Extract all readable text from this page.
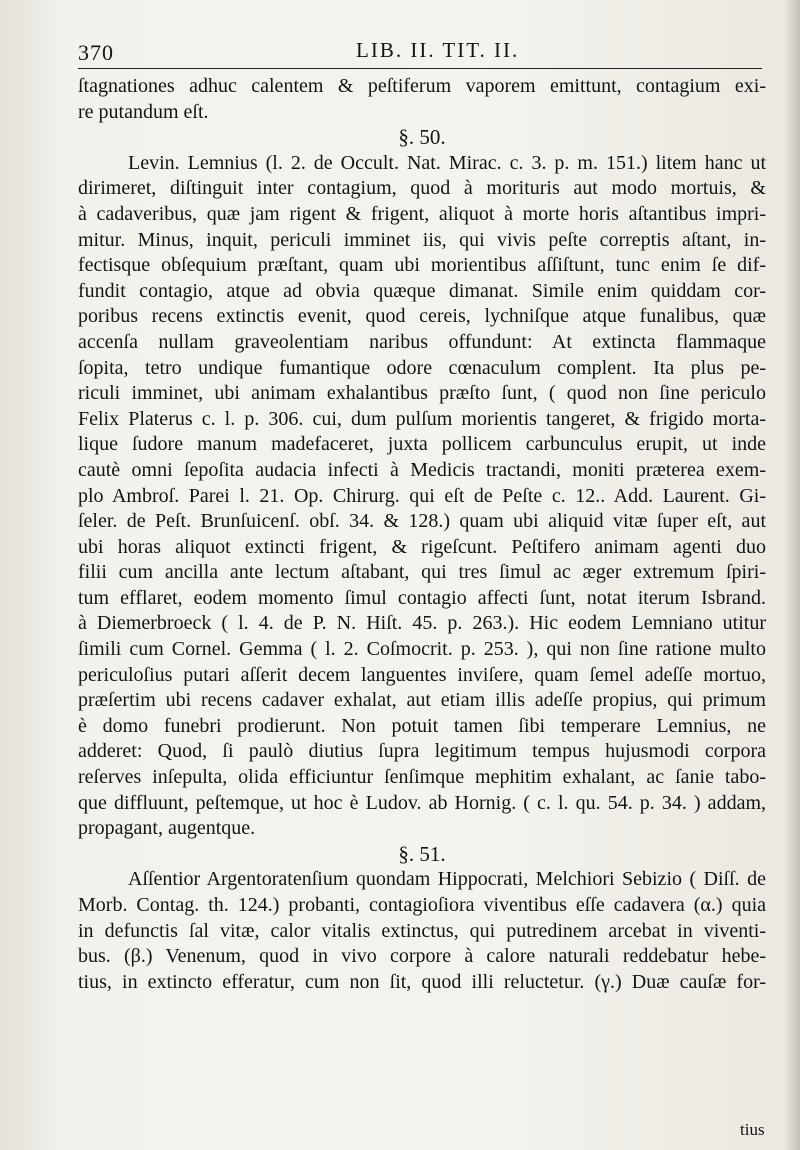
370	LIB. II. TIT. II.
ſtagnationes adhuc calentem & peſtiferum vaporem emittunt, contagium exi-
re putandum eſt.
§. 50.
Levin. Lemnius (l. 2. de Occult. Nat. Mirac. c. 3. p. m. 151.) litem hanc ut
dirimeret, diſtinguit inter contagium, quod à morituris aut modo mortuis, &
à cadaveribus, quæ jam rigent & frigent, aliquot à morte horis aſtantibus impri-
mitur. Minus, inquit, periculi imminet iis, qui vivis peſte correptis aſtant, in-
fectisque obſequium præſtant, quam ubi morientibus aſſiſtunt, tunc enim ſe dif-
fundit contagio, atque ad obvia quæque dimanat. Simile enim quiddam cor-
poribus recens extinctis evenit, quod cereis, lychniſque atque funalibus, quæ
accenſa nullam graveolentiam naribus offundunt: At extincta flammaque
ſopita, tetro undique fumantique odore cœnaculum complent. Ita plus pe-
riculi imminet, ubi animam exhalantibus præſto ſunt, ( quod non ſine periculo
Felix Platerus c. l. p. 306. cui, dum pulſum morientis tangeret, & frigido morta-
lique ſudore manum madefaceret, juxta pollicem carbunculus erupit, ut inde
cautè omni ſepoſita audacia infecti à Medicis tractandi, moniti præterea exem-
plo Ambroſ. Parei l. 21. Op. Chirurg. qui eſt de Peſte c. 12.. Add. Laurent. Gi-
ſeler. de Peſt. Brunſuicenſ. obſ. 34. & 128.) quam ubi aliquid vitæ ſuper eſt, aut
ubi horas aliquot extincti frigent, & rigeſcunt. Peſtifero animam agenti duo
filii cum ancilla ante lectum aſtabant, qui tres ſimul ac æger extremum ſpiri-
tum efflaret, eodem momento ſimul contagio affecti ſunt, notat iterum Isbrand.
à Diemerbroeck ( l. 4. de P. N. Hiſt. 45. p. 263.). Hic eodem Lemniano utitur
ſimili cum Cornel. Gemma ( l. 2. Coſmocrit. p. 253. ), qui non ſine ratione multo
periculoſius putari aſſerit decem languentes inviſere, quam ſemel adeſſe mortuo,
præſertim ubi recens cadaver exhalat, aut etiam illis adeſſe propius, qui primum
è domo funebri prodierunt. Non potuit tamen ſibi temperare Lemnius, ne
adderet: Quod, ſi paulò diutius ſupra legitimum tempus hujusmodi corpora
reſerves inſepulta, olida efficiuntur ſenſimque mephitim exhalant, ac ſanie tabo-
que diffluunt, peſtemque, ut hoc è Ludov. ab Hornig. ( c. l. qu. 54. p. 34. ) addam,
propagant, augentque.
§. 51.
Aſſentior Argentoratenſium quondam Hippocrati, Melchiori Sebizio ( Diſſ. de
Morb. Contag. th. 124.) probanti, contagioſiora viventibus eſſe cadavera (α.) quia
in defunctis ſal vitæ, calor vitalis extinctus, qui putredinem arcebat in viventi-
bus. (β.) Venenum, quod in vivo corpore à calore naturali reddebatur hebe-
tius, in extincto efferatur, cum non ſit, quod illi reluctetur. (γ.) Duæ cauſæ for-
tius
